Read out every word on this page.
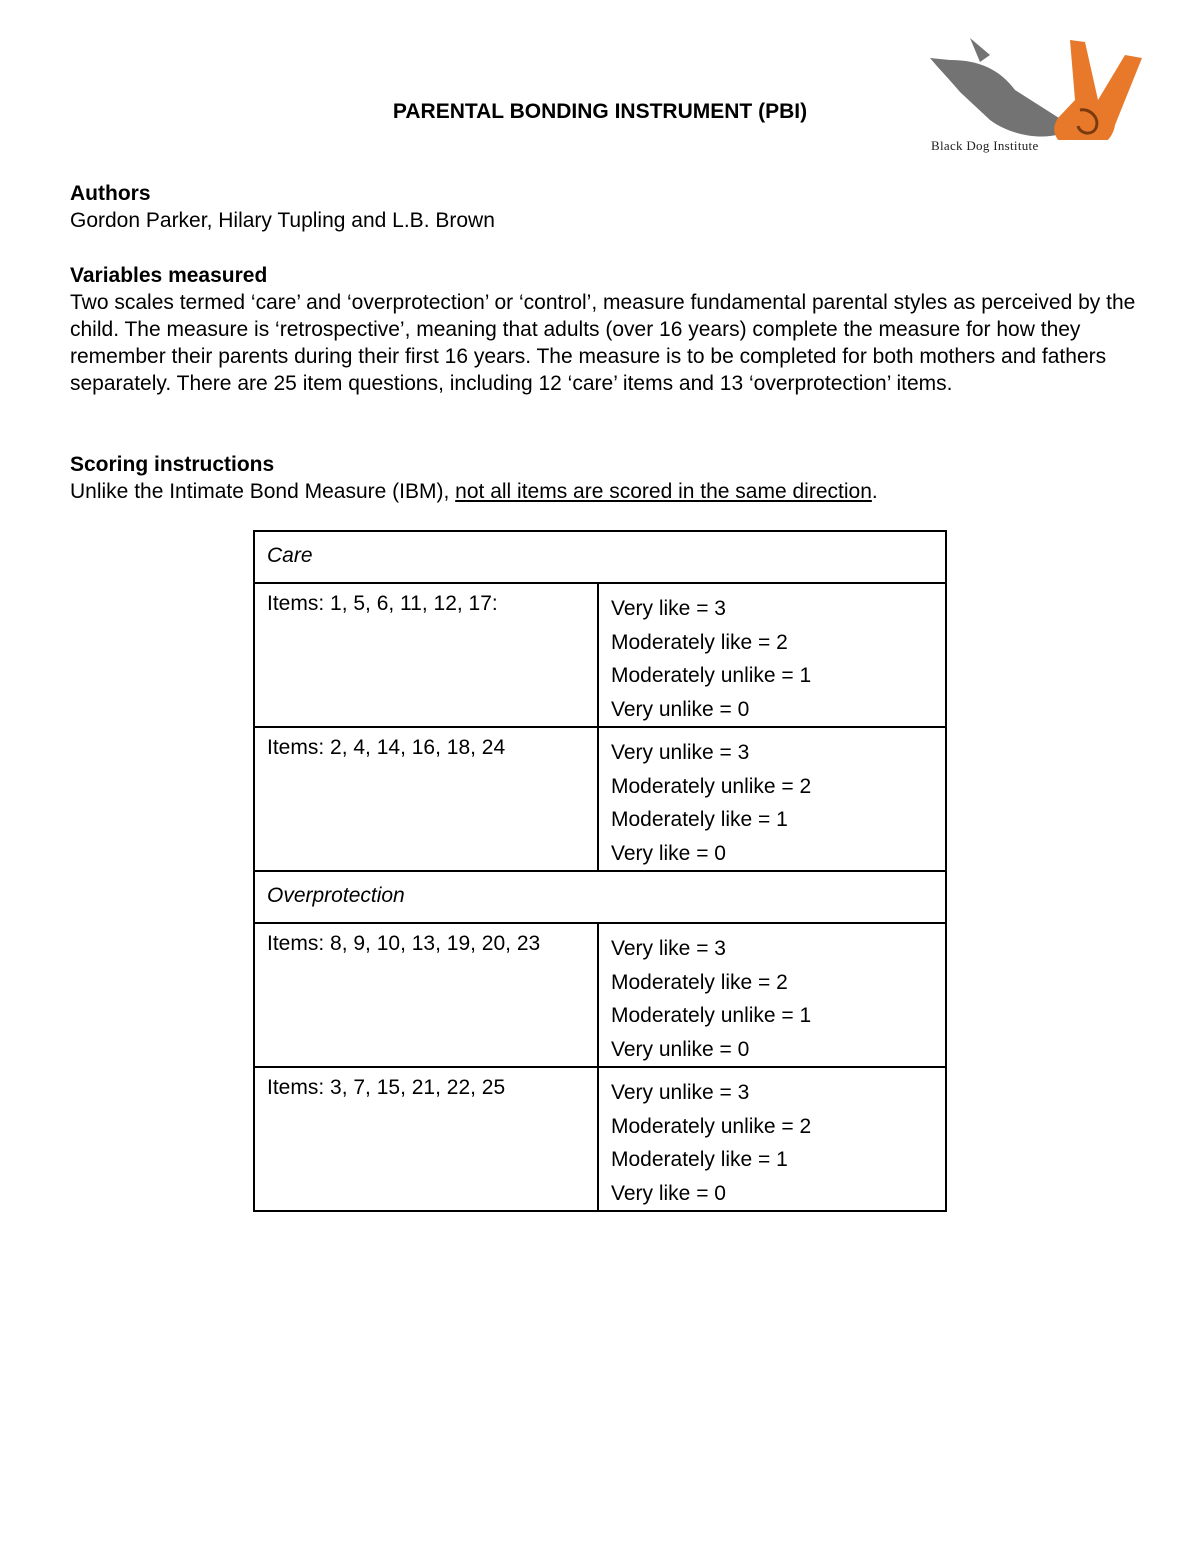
Black Dog Institute
PARENTAL BONDING INSTRUMENT (PBI)
Authors
Gordon Parker, Hilary Tupling and L.B. Brown
Variables measured
Two scales termed ‘care’ and ‘overprotection’ or ‘control’, measure fundamental parental styles as perceived by the child. The measure is ‘retrospective’, meaning that adults (over 16 years) complete the measure for how they remember their parents during their first 16 years. The measure is to be completed for both mothers and fathers separately. There are 25 item questions, including 12 ‘care’ items and 13 ‘overprotection’ items.
Scoring instructions
Unlike the Intimate Bond Measure (IBM), not all items are scored in the same direction.
Care	
Items: 1, 5, 6, 11, 12, 17:	Very like = 3
Moderately like = 2
Moderately unlike = 1
Very unlike = 0

Items: 2, 4, 14, 16, 18, 24	Very unlike = 3
Moderately unlike = 2
Moderately like = 1
Very like = 0

Overprotection	
Items: 8, 9, 10, 13, 19, 20, 23	Very like = 3
Moderately like = 2
Moderately unlike = 1
Very unlike = 0

Items: 3, 7, 15, 21, 22, 25	Very unlike = 3
Moderately unlike = 2
Moderately like = 1
Very like = 0
